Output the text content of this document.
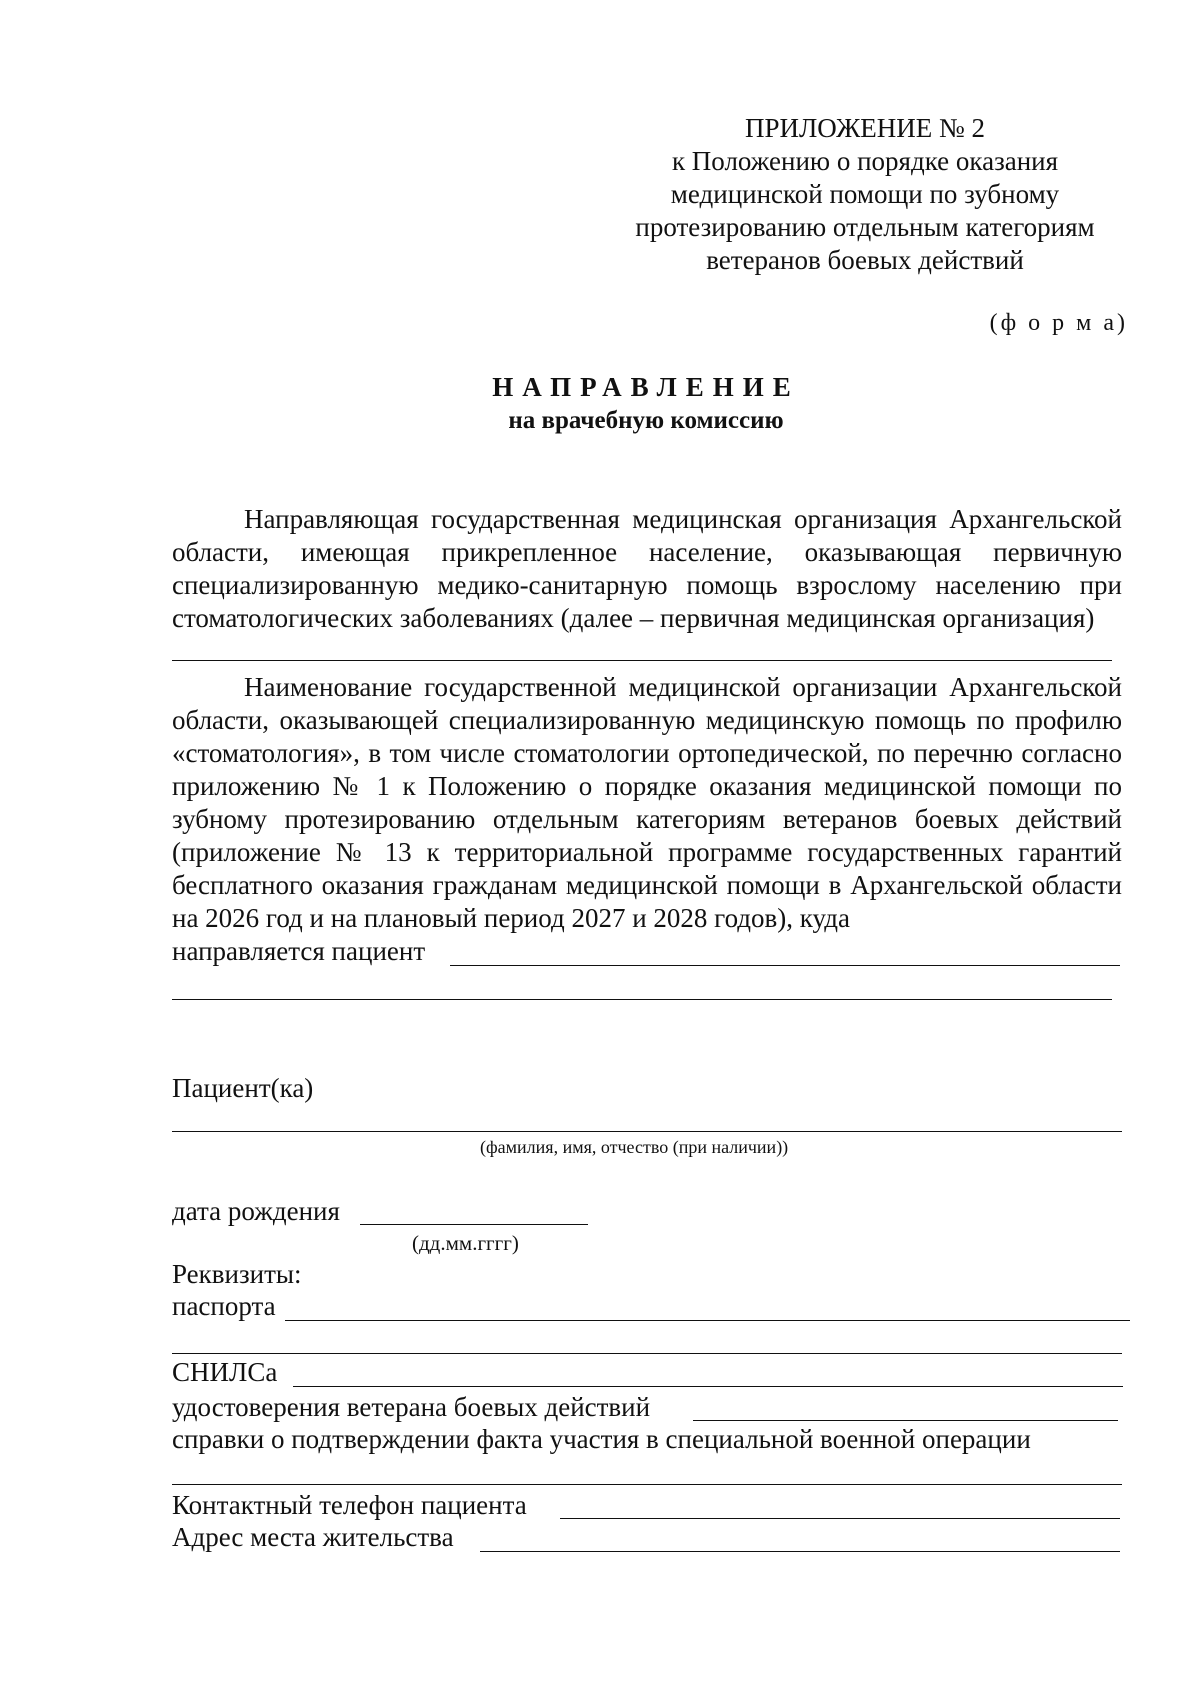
ПРИЛОЖЕНИЕ № 2
к Положению о порядке оказания
медицинской помощи по зубному
протезированию отдельным категориям
ветеранов боевых действий
(ф о р м а)
НАПРАВЛЕНИЕ
на врачебную комиссию
Направляющая государственная медицинская организация Архангельской области, имеющая прикрепленное население, оказывающая первичную специализированную медико-санитарную помощь взрослому населению при стоматологических заболеваниях (далее – первичная медицинская организация)
Наименование государственной медицинской организации Архангельской области, оказывающей специализированную медицинскую помощь по профилю «стоматология», в том числе стоматологии ортопедической, по перечню согласно приложению № 1 к Положению о порядке оказания медицинской помощи по зубному протезированию отдельным категориям ветеранов боевых действий (приложение № 13 к территориальной программе государственных гарантий бесплатного оказания гражданам медицинской помощи в Архангельской области на 2026 год и на плановый период 2027 и 2028 годов), куда
направляется пациент
Пациент(ка)
(фамилия, имя, отчество (при наличии))
дата рождения
(дд.мм.гггг)
Реквизиты:
паспорта
СНИЛСа
удостоверения ветерана боевых действий
справки о подтверждении факта участия в специальной военной операции
Контактный телефон пациента
Адрес места жительства
